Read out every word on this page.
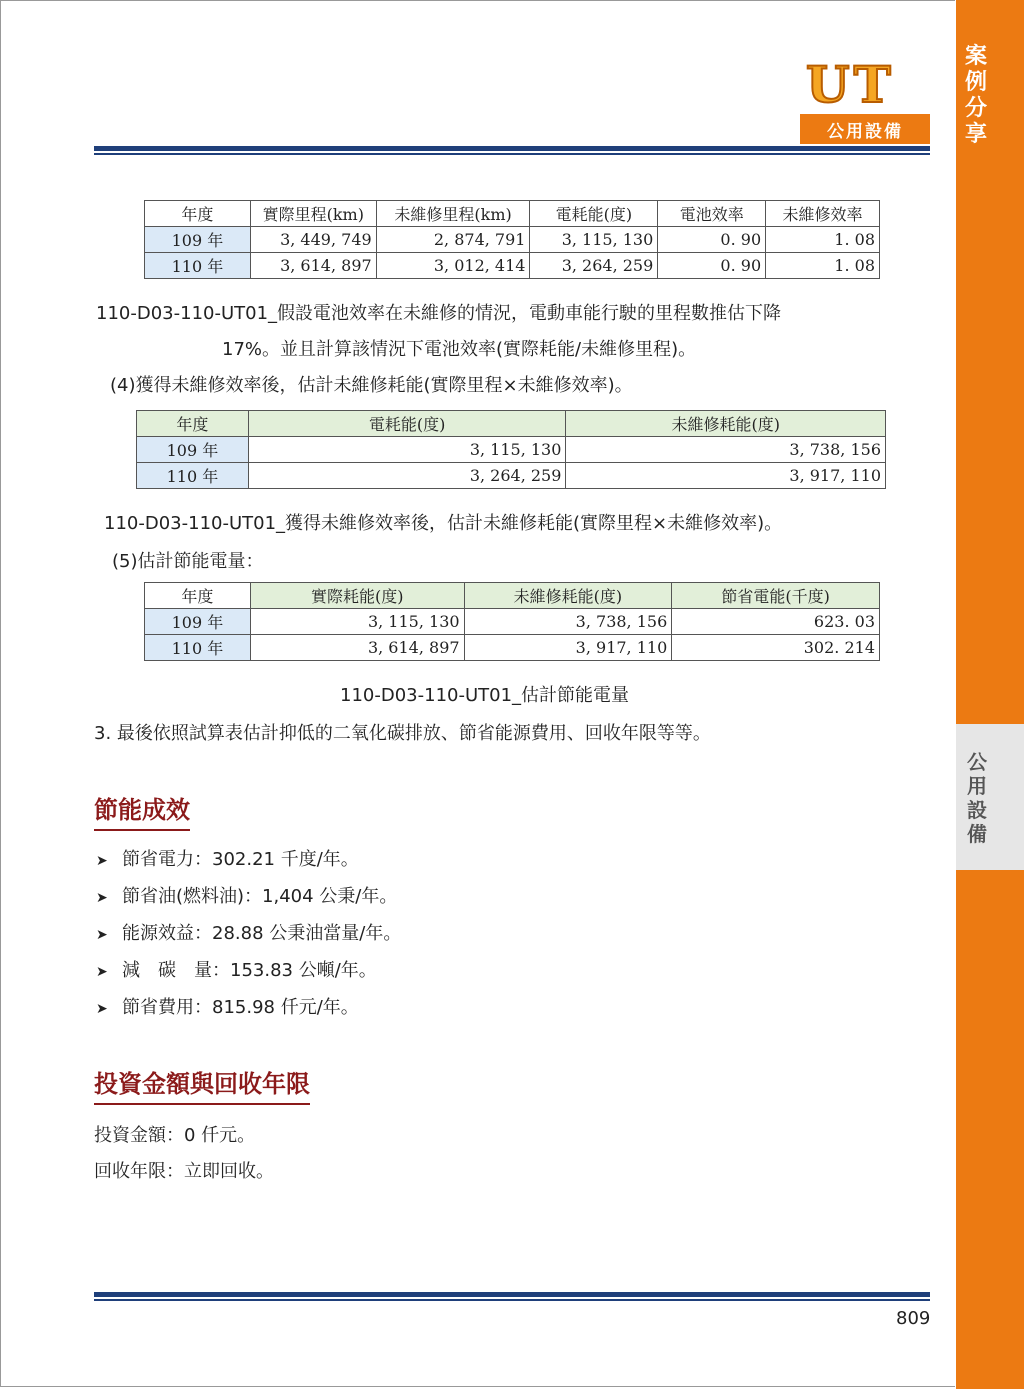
案例分享
公用設備
UT
公用設備
年度	實際里程(km)	未維修里程(km)	電耗能(度)	電池效率	未維修效率
109 年	3, 449, 749	2, 874, 791	3, 115, 130	0. 90	1. 08
110 年	3, 614, 897	3, 012, 414	3, 264, 259	0. 90	1. 08
110-D03-110-UT01_假設電池效率在未維修的情況，電動車能行駛的里程數推估下降
17%。並且計算該情況下電池效率(實際耗能/未維修里程)。
(4)獲得未維修效率後，估計未維修耗能(實際里程×未維修效率)。
年度	電耗能(度)	未維修耗能(度)
109 年	3, 115, 130	3, 738, 156
110 年	3, 264, 259	3, 917, 110
110-D03-110-UT01_獲得未維修效率後，估計未維修耗能(實際里程×未維修效率)。
(5)估計節能電量：
年度	實際耗能(度)	未維修耗能(度)	節省電能(千度)
109 年	3, 115, 130	3, 738, 156	623. 03
110 年	3, 614, 897	3, 917, 110	302. 214
110-D03-110-UT01_估計節能電量
3. 最後依照試算表估計抑低的二氧化碳排放、節省能源費用、回收年限等等。
節能成效
➤ 節省電力：302.21 千度/年。
➤ 節省油(燃料油)：1,404 公秉/年。
➤ 能源效益：28.88 公秉油當量/年。
➤ 減　碳　量：153.83 公噸/年。
➤ 節省費用：815.98 仟元/年。
投資金額與回收年限
投資金額：0 仟元。
回收年限：立即回收。
809
